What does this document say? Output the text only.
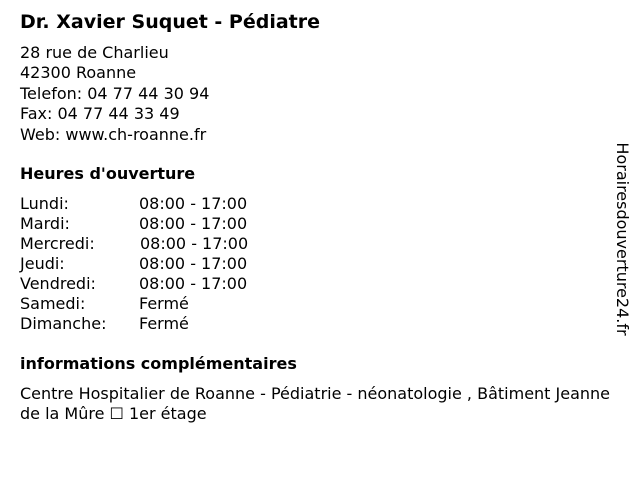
Dr. Xavier Suquet - Pédiatre
28 rue de Charlieu
42300 Roanne
Telefon: 04 77 44 30 94
Fax: 04 77 44 33 49
Web: www.ch-roanne.fr
Heures d'ouverture
Lundi:	08:00 - 17:00
Mardi:	08:00 - 17:00
Mercredi:	08:00 - 17:00
Jeudi:	08:00 - 17:00
Vendredi:	08:00 - 17:00
Samedi:	Fermé
Dimanche: Fermé
informations complémentaires
Centre Hospitalier de Roanne - Pédiatrie - néonatologie , Bâtiment Jeanne de la Mûre ☐ 1er étage
Horairesdouverture24.fr
